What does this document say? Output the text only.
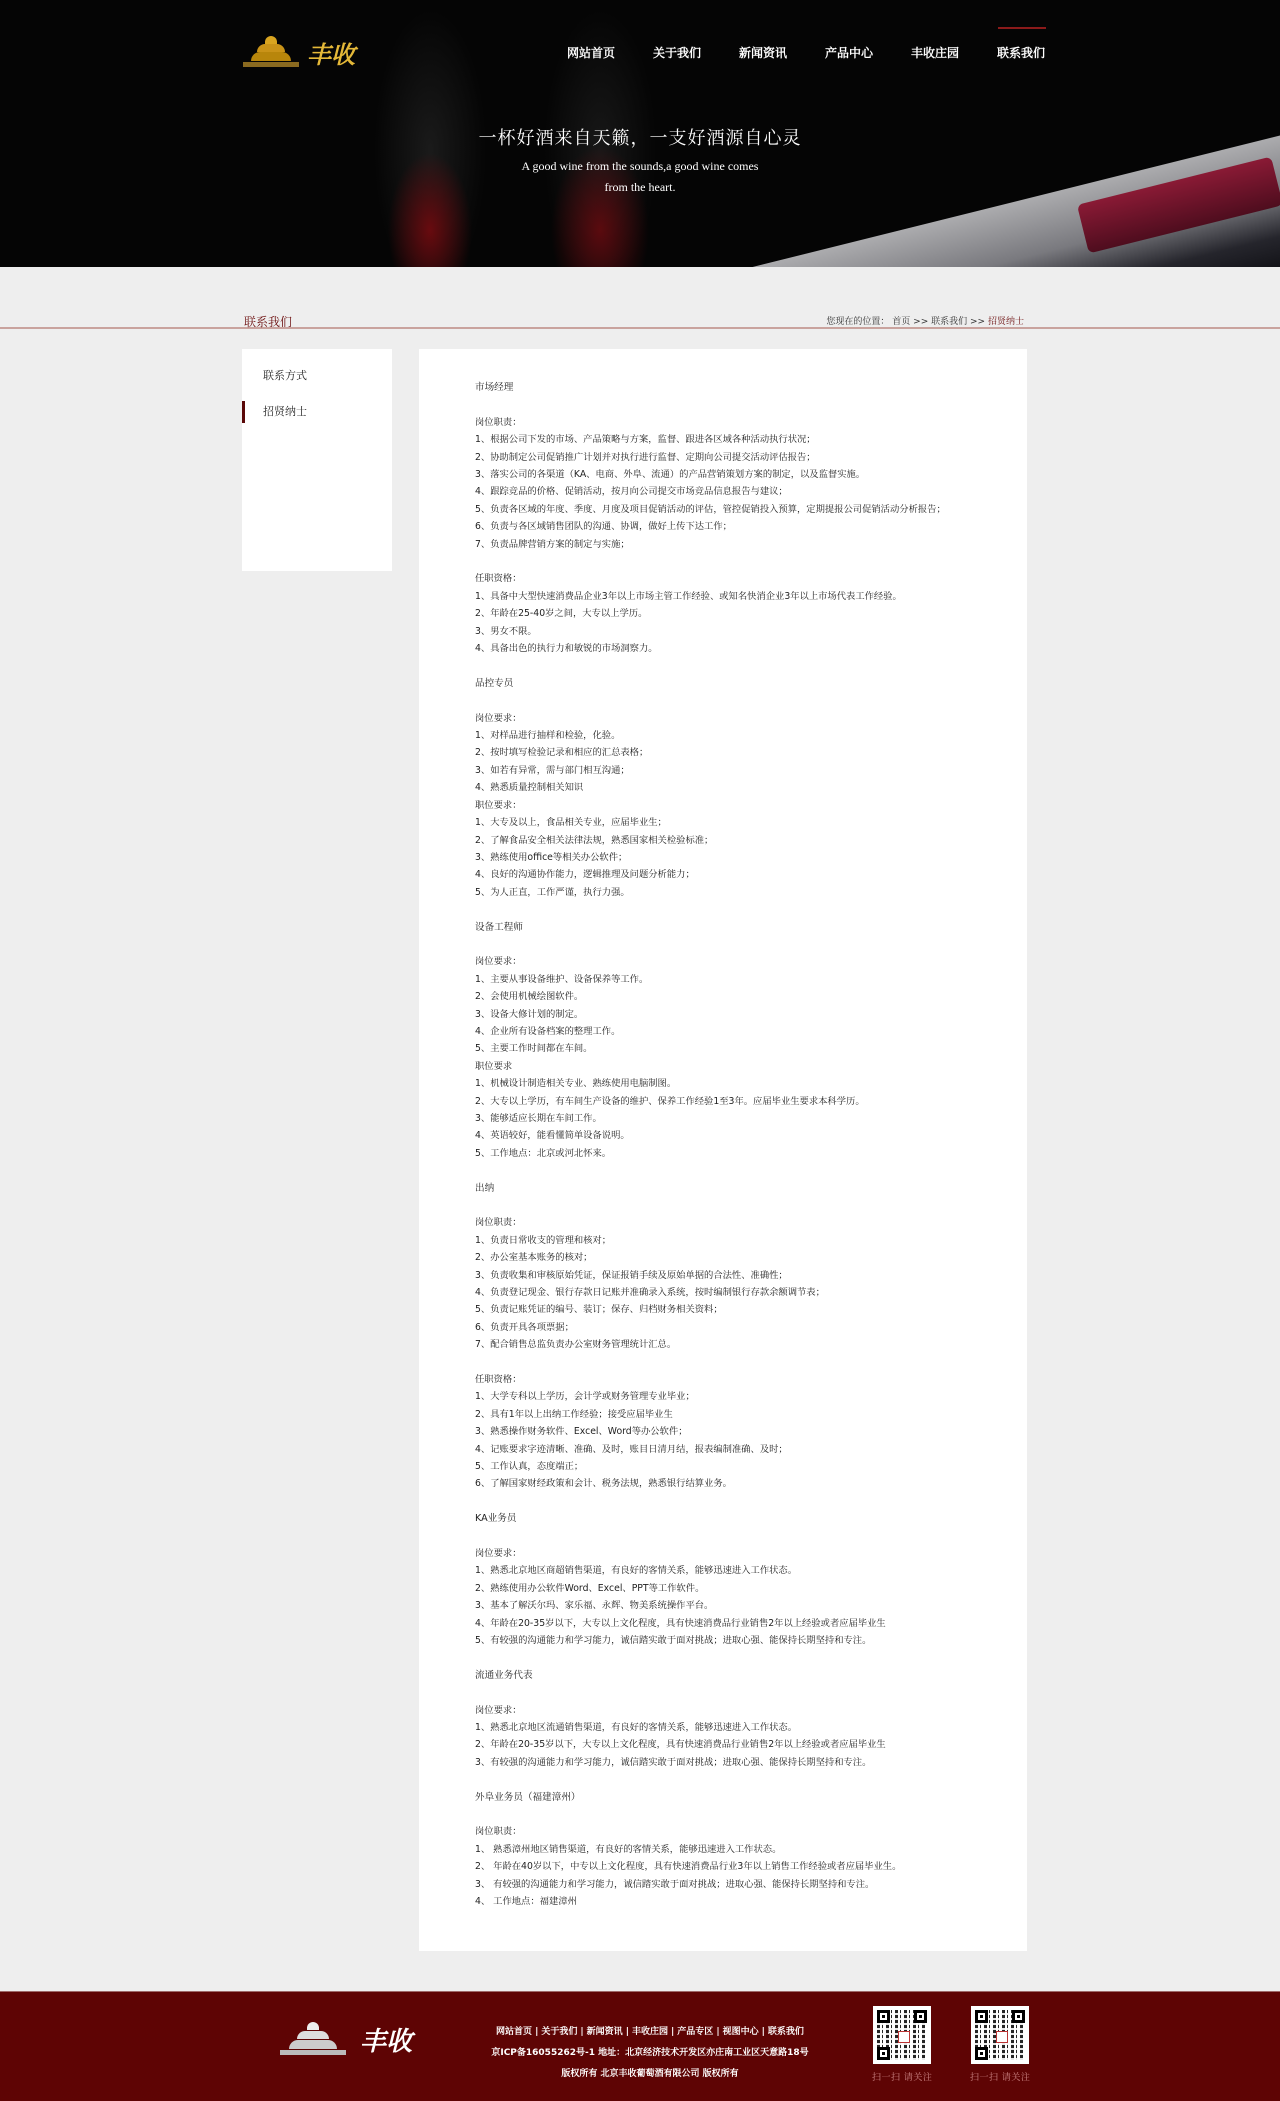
丰收	网站首页	关于我们	新闻资讯	产品中心	丰收庄园	联系我们
一杯好酒来自天籁，一支好酒源自心灵
A good wine from the sounds,a good wine comes from the heart.
联系我们	您现在的位置： 首页 >> 联系我们 >> 招贤纳士
联系方式
招贤纳士
市场经理
岗位职责：
1、根据公司下发的市场、产品策略与方案，监督、跟进各区域各种活动执行状况；
2、协助制定公司促销推广计划并对执行进行监督、定期向公司提交活动评估报告；
3、落实公司的各渠道（KA、电商、外阜、流通）的产品营销策划方案的制定，以及监督实施。
4、跟踪竞品的价格、促销活动，按月向公司提交市场竞品信息报告与建议；
5、负责各区域的年度、季度、月度及项目促销活动的评估，管控促销投入预算，定期提报公司促销活动分析报告；
6、负责与各区域销售团队的沟通、协调，做好上传下达工作；
7、负责品牌营销方案的制定与实施；
任职资格：
1、具备中大型快速消费品企业3年以上市场主管工作经验、或知名快消企业3年以上市场代表工作经验。
2、年龄在25-40岁之间，大专以上学历。
3、男女不限。
4、具备出色的执行力和敏锐的市场洞察力。
品控专员
岗位要求：
1、对样品进行抽样和检验，化验。
2、按时填写检验记录和相应的汇总表格；
3、如若有异常，需与部门相互沟通；
4、熟悉质量控制相关知识
职位要求：
1、大专及以上，食品相关专业，应届毕业生；
2、了解食品安全相关法律法规，熟悉国家相关检验标准；
3、熟练使用office等相关办公软件；
4、良好的沟通协作能力，逻辑推理及问题分析能力；
5、为人正直，工作严谨，执行力强。
设备工程师
岗位要求：
1、主要从事设备维护、设备保养等工作。
2、会使用机械绘图软件。
3、设备大修计划的制定。
4、企业所有设备档案的整理工作。
5、主要工作时间都在车间。
职位要求
1、机械设计制造相关专业、熟练使用电脑制图。
2、大专以上学历，有车间生产设备的维护、保养工作经验1至3年。应届毕业生要求本科学历。
3、能够适应长期在车间工作。
4、英语较好，能看懂简单设备说明。
5、工作地点：北京或河北怀来。
出纳
岗位职责：
1、负责日常收支的管理和核对；
2、办公室基本账务的核对；
3、负责收集和审核原始凭证，保证报销手续及原始单据的合法性、准确性；
4、负责登记现金、银行存款日记账并准确录入系统，按时编制银行存款余额调节表；
5、负责记账凭证的编号、装订；保存、归档财务相关资料；
6、负责开具各项票据；
7、配合销售总监负责办公室财务管理统计汇总。
任职资格：
1、大学专科以上学历，会计学或财务管理专业毕业；
2、具有1年以上出纳工作经验；接受应届毕业生
3、熟悉操作财务软件、Excel、Word等办公软件；
4、记账要求字迹清晰、准确、及时，账目日清月结，报表编制准确、及时；
5、工作认真，态度端正；
6、了解国家财经政策和会计、税务法规，熟悉银行结算业务。
KA业务员
岗位要求：
1、熟悉北京地区商超销售渠道，有良好的客情关系，能够迅速进入工作状态。
2、熟练使用办公软件Word、Excel、PPT等工作软件。
3、基本了解沃尔玛、家乐福、永辉、物美系统操作平台。
4、年龄在20-35岁以下，大专以上文化程度，具有快速消费品行业销售2年以上经验或者应届毕业生
5、有较强的沟通能力和学习能力，诚信踏实敢于面对挑战；进取心强、能保持长期坚持和专注。
流通业务代表
岗位要求：
1、熟悉北京地区流通销售渠道，有良好的客情关系，能够迅速进入工作状态。
2、年龄在20-35岁以下，大专以上文化程度，具有快速消费品行业销售2年以上经验或者应届毕业生
3、有较强的沟通能力和学习能力，诚信踏实敢于面对挑战；进取心强、能保持长期坚持和专注。
外阜业务员（福建漳州）
岗位职责：
1、 熟悉漳州地区销售渠道，有良好的客情关系，能够迅速进入工作状态。
2、 年龄在40岁以下，中专以上文化程度，具有快速消费品行业3年以上销售工作经验或者应届毕业生。
3、 有较强的沟通能力和学习能力，诚信踏实敢于面对挑战；进取心强、能保持长期坚持和专注。
4、 工作地点：福建漳州
丰收	网站首页 | 关于我们 | 新闻资讯 | 丰收庄园 | 产品专区 | 视图中心 | 联系我们
京ICP备16055262号-1 地址：北京经济技术开发区亦庄南工业区天意路18号
版权所有 北京丰收葡萄酒有限公司 版权所有	扫一扫 请关注	扫一扫 请关注
